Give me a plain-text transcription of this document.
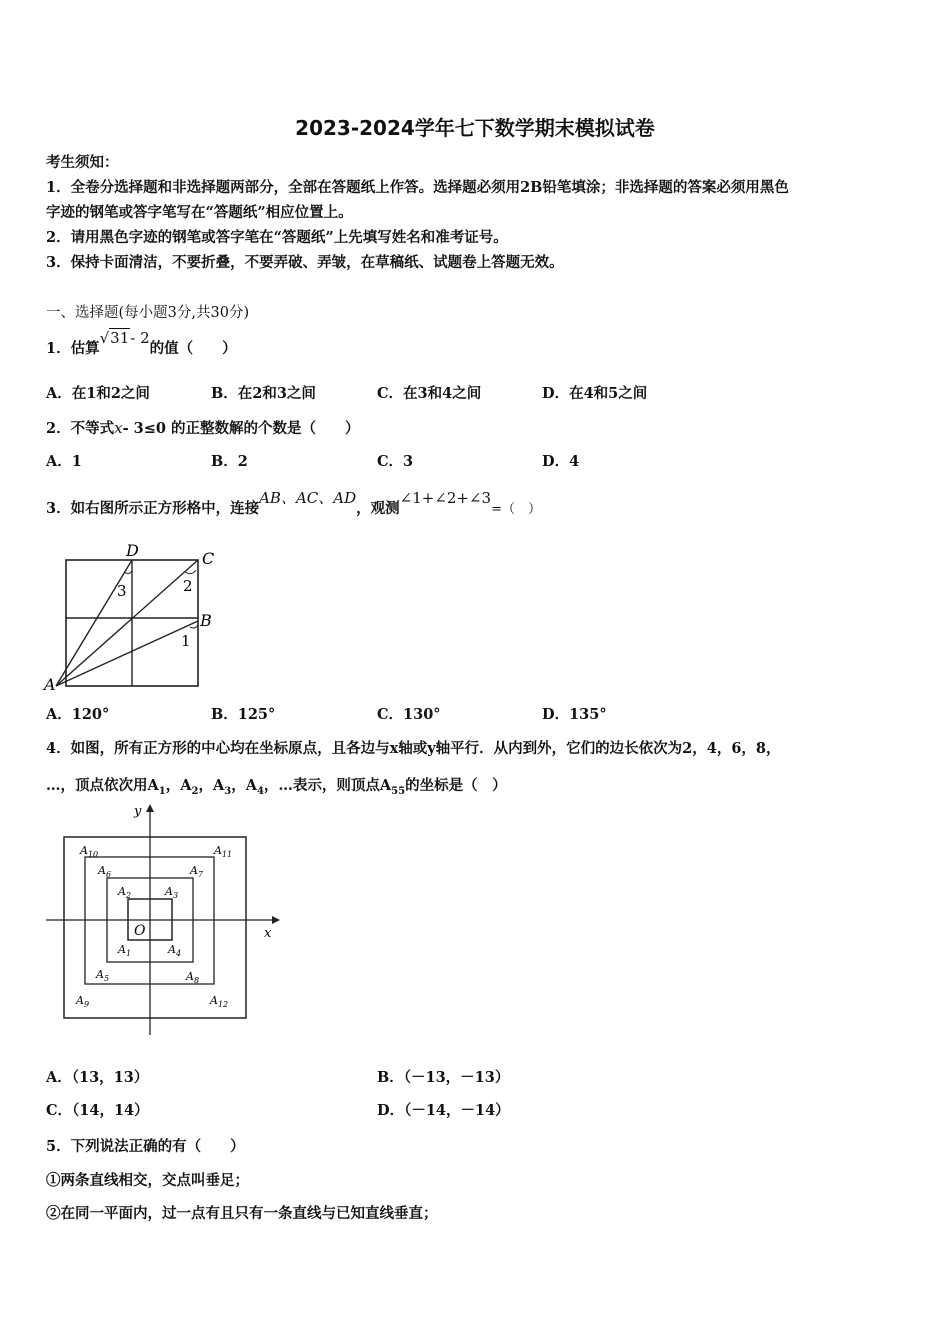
2023-2024学年七下数学期末模拟试卷
考生须知：
1．全卷分选择题和非选择题两部分，全部在答题纸上作答。选择题必须用2B铅笔填涂；非选择题的答案必须用黑色
字迹的钢笔或答字笔写在“答题纸”相应位置上。
2．请用黑色字迹的钢笔或答字笔在“答题纸”上先填写姓名和准考证号。
3．保持卡面清洁，不要折叠，不要弄破、弄皱，在草稿纸、试题卷上答题无效。
一、选择题(每小题3分,共30分)
1．估算√31- 2的值（　　）
A．在1和2之间	B．在2和3之间	C．在3和4之间	D．在4和5之间
2．不等式x- 3≤0 的正整数解的个数是（　　）
A．1	B．2	C．3	D．4
3．如右图所示正方形格中，连接AB、AC、AD，观测∠1+∠2+∠3=（　）
D	C
B
A
2
1
3
A．120°	B．125°	C．130°	D．135°
4．如图，所有正方形的中心均在坐标原点，且各边与x轴或y轴平行．从内到外，它们的边长依次为2，4，6，8，
…，顶点依次用$A_1$，$A_2$，$A_3$，$A_4$，…表示，则顶点$A_{55}$的坐标是（　）
y
x
O
$A_1$
$A_2$	$A_3$
$A_4$
$A_5$
$A_6$	$A_7$
$A_8$
$A_9$
$A_{10}$	$A_{11}$
$A_{12}$
A．（13，13）	B．（－13，－13）
C．（14，14）	D．（－14，－14）
5．下列说法正确的有（　　）
①两条直线相交，交点叫垂足；
②在同一平面内，过一点有且只有一条直线与已知直线垂直；
